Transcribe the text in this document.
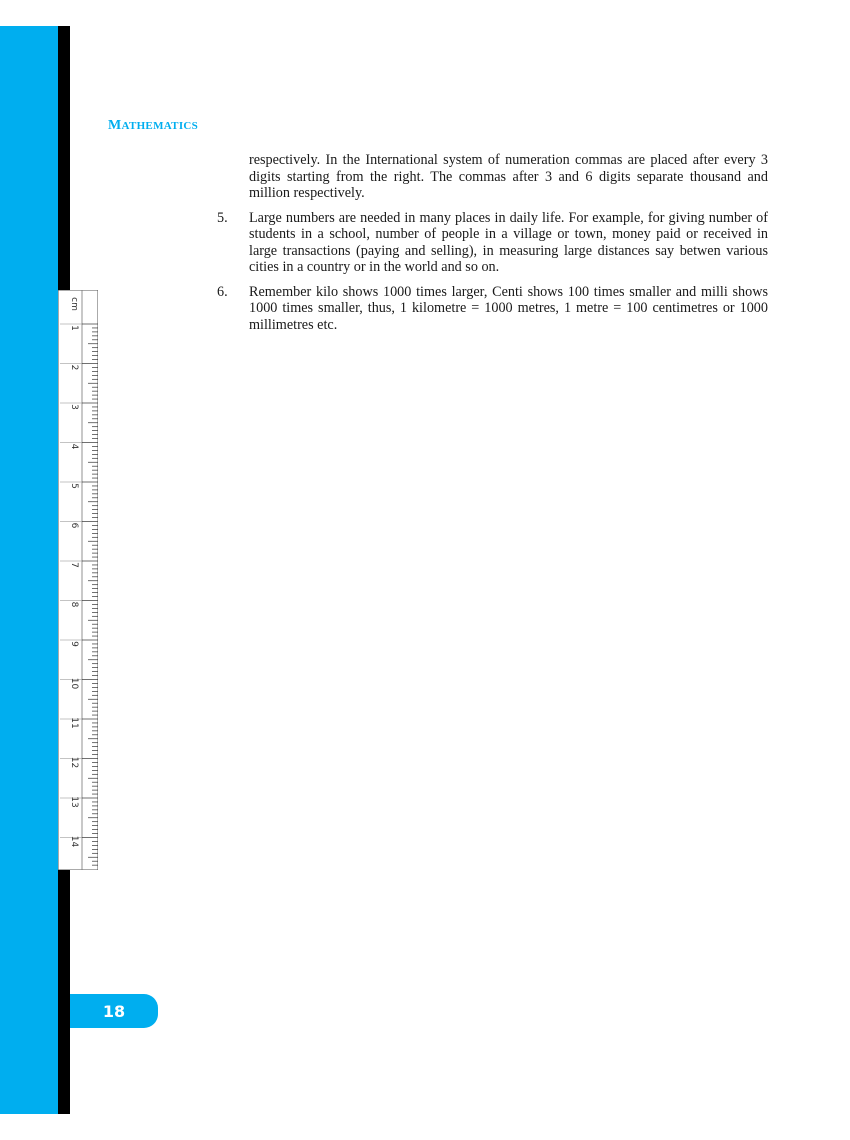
cm
1
2
3
4
5
6
7
8
9
10
11
12
13
14
MATHEMATICS

respectively. In the International system of numeration commas are placed after every 3 digits starting from the right. The commas after 3 and 6 digits separate thousand and million respectively.

5. Large numbers are needed in many places in daily life. For example, for giving number of students in a school, number of people in a village or town, money paid or received in large transactions (paying and selling), in measuring large distances say betwen various cities in a country or in the world and so on.
6. Remember kilo shows 1000 times larger, Centi shows 100 times smaller and milli shows 1000 times smaller, thus, 1 kilometre = 1000 metres, 1 metre = 100 centimetres or 1000 millimetres etc.
18
